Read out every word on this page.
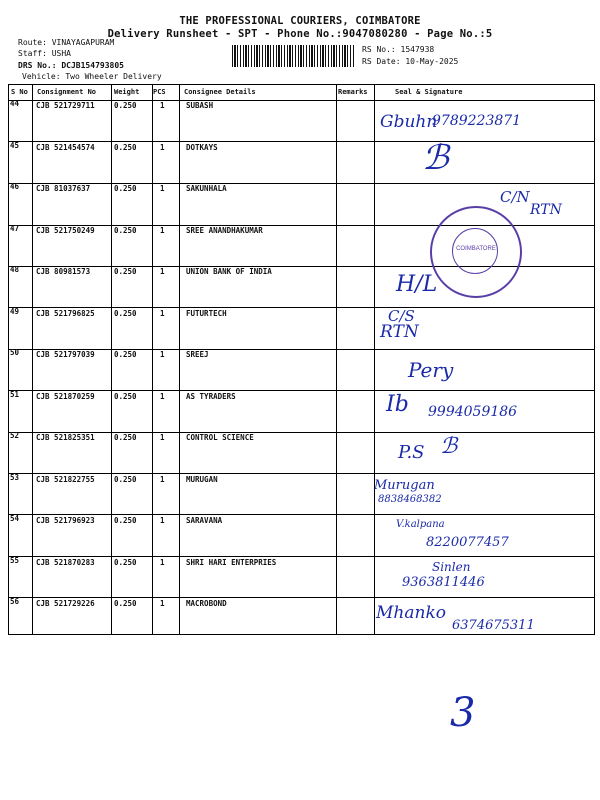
THE PROFESSIONAL COURIERS, COIMBATORE
Delivery Runsheet - SPT - Phone No.:9047080280 - Page No.:5
Route: VINAYAGAPURAM
Staff: USHA
DRS No.: DCJB154793805
Vehicle: Two Wheeler Delivery
RS No.: 1547938
RS Date: 10-May-2025
S No Consignment No	Weight PCS	Consignee Details	Remarks	Seal & Signature
44 CJB 521729711	0.250	1	SUBASH
45 CJB 521454574	0.250	1	DOTKAYS
46 CJB 81037637	0.250	1	SAKUNHALA
47 CJB 521750249	0.250	1	SREE ANANDHAKUMAR
48 CJB 80981573	0.250	1	UNION BANK OF INDIA
49 CJB 521796825	0.250	1	FUTURTECH
50 CJB 521797039	0.250	1	SREEJ
51 CJB 521870259	0.250	1	AS TYRADERS
52 CJB 521825351	0.250	1	CONTROL SCIENCE
53 CJB 521822755	0.250	1	MURUGAN
54 CJB 521796923	0.250	1	SARAVANA
55 CJB 521870283	0.250	1	SHRI HARI ENTERPRIES
56 CJB 521729226	0.250	1	MACROBOND
Gbuhn
9789223871
ℬ
C/N
RTN
COIMBATORE
H/L
C/S
RTN
Pery
Ib 9994059186
P.S ℬ
Murugan
8838468382
V.kalpana
8220077457
Sinlen
9363811446
Mhanko
6374675311
3
